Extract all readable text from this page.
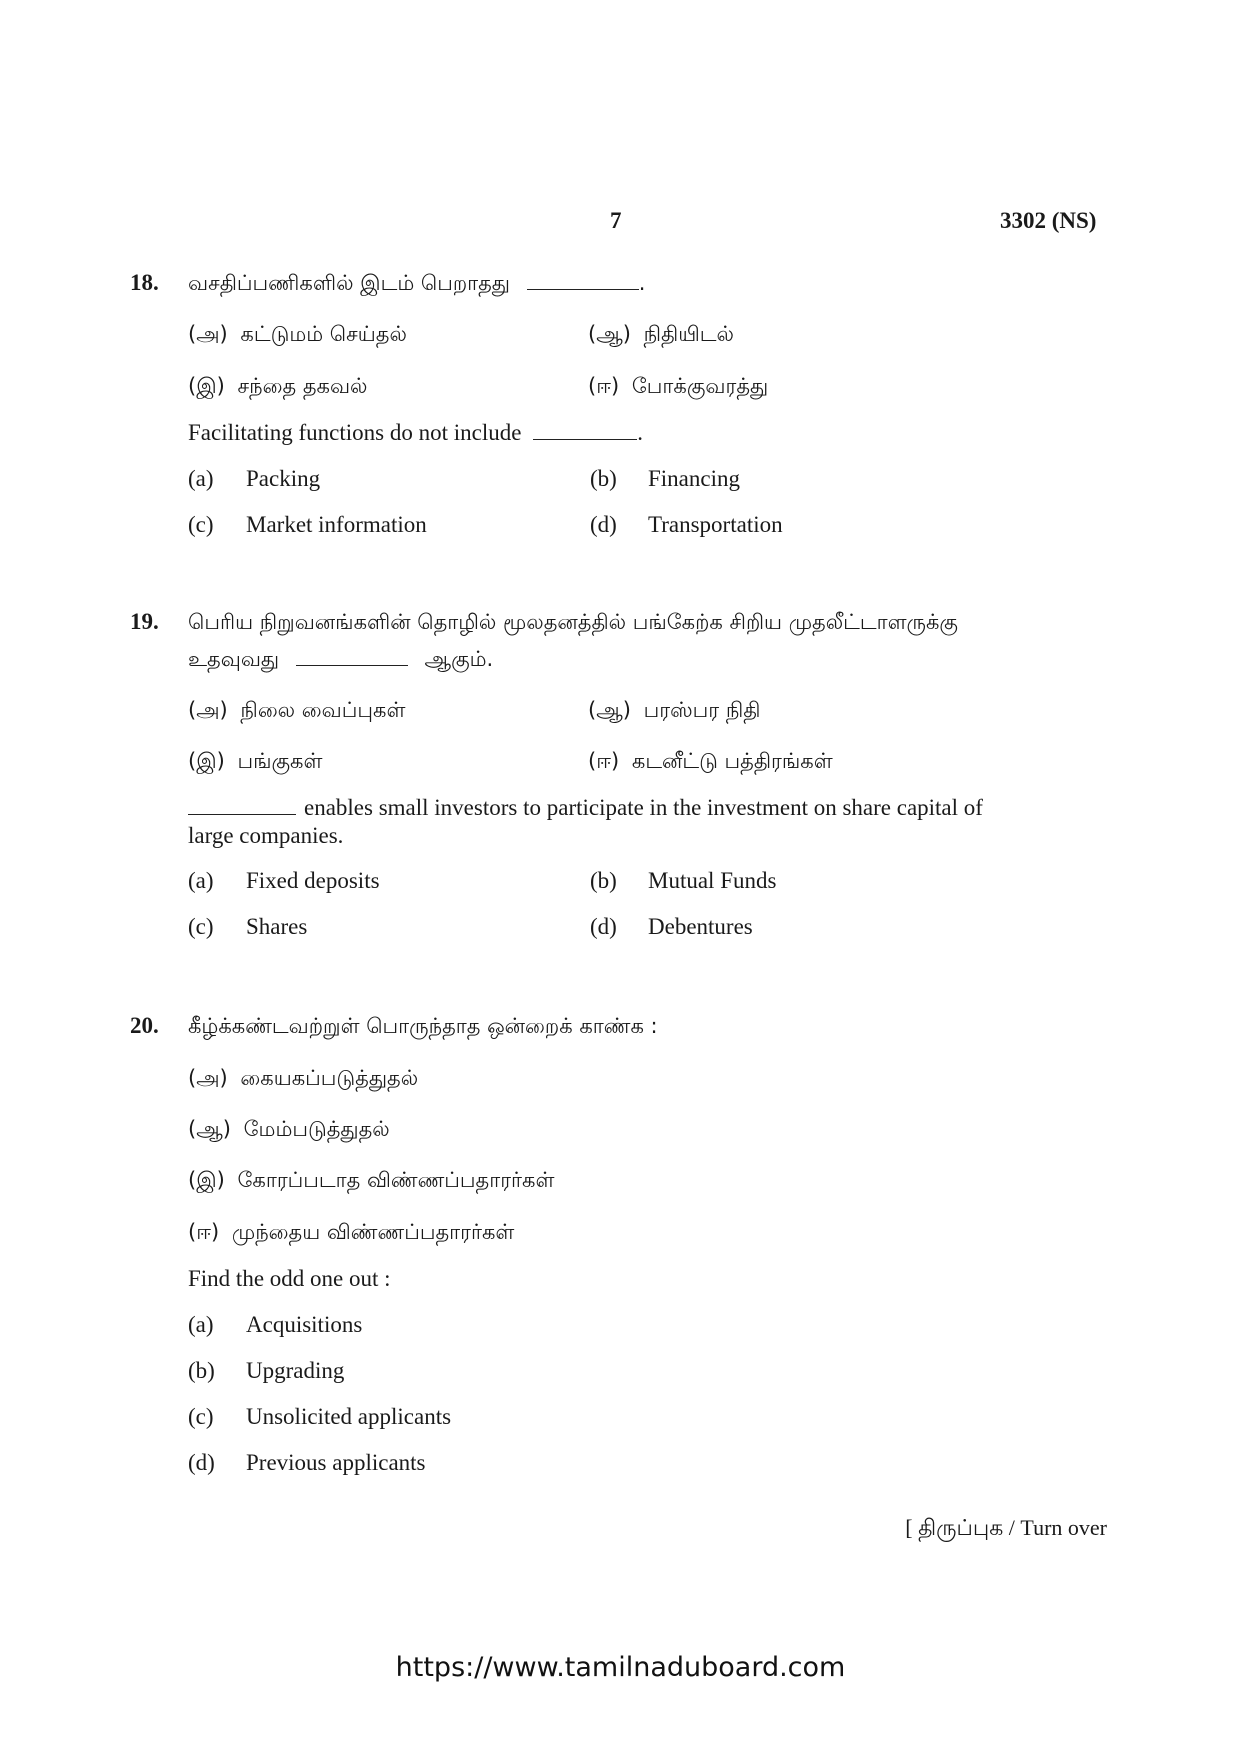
7	3302 (NS)
18. வசதிப்பணிகளில் இடம் பெறாதது	.
(அ) கட்டுமம் செய்தல்	(ஆ) நிதியிடல்
(இ) சந்தை தகவல்	(ஈ) போக்குவரத்து
Facilitating functions do not include	.
(a) Packing	(b) Financing
(c) Market information	(d) Transportation
19. பெரிய நிறுவனங்களின் தொழில் மூலதனத்தில் பங்கேற்க சிறிய முதலீட்டாளருக்கு
உதவுவது	ஆகும்.
(அ) நிலை வைப்புகள்	(ஆ) பரஸ்பர நிதி
(இ) பங்குகள்	(ஈ) கடனீட்டு பத்திரங்கள்
enables small investors to participate in the investment on share capital of
large companies.
(a) Fixed deposits	(b) Mutual Funds
(c) Shares	(d) Debentures
20. கீழ்க்கண்டவற்றுள் பொருந்தாத ஒன்றைக் காண்க :
(அ) கையகப்படுத்துதல்
(ஆ) மேம்படுத்துதல்
(இ) கோரப்படாத விண்ணப்பதாரர்கள்
(ஈ) முந்தைய விண்ணப்பதாரர்கள்
Find the odd one out :
(a) Acquisitions
(b) Upgrading
(c) Unsolicited applicants
(d) Previous applicants
[ திருப்புக / Turn over
https://www.tamilnaduboard.com
